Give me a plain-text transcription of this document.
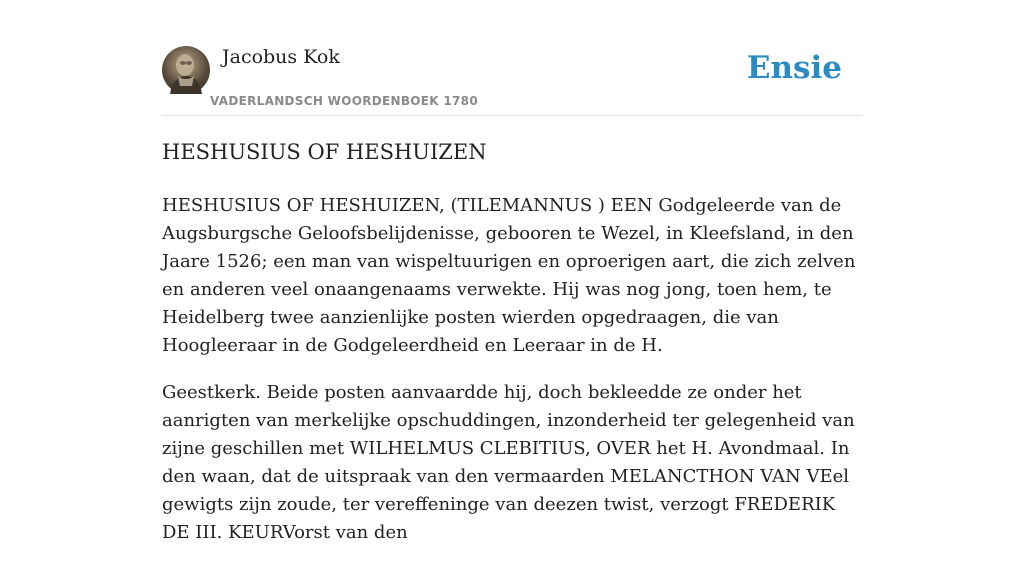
Jacobus Kok
VADERLANDSCH WOORDENBOEK 1780
Ensie
HESHUSIUS OF HESHUIZEN

HESHUSIUS OF HESHUIZEN, (TILEMANNUS ) EEN Godgeleerde van de Augsburgsche Geloofsbelijdenisse, gebooren te Wezel, in Kleefsland, in den Jaare 1526; een man van wispeltuurigen en oproerigen aart, die zich zelven en anderen veel onaangenaams verwekte. Hij was nog jong, toen hem, te Heidelberg twee aanzienlijke posten wierden opgedraagen, die van Hoogleeraar in de Godgeleerdheid en Leeraar in de H.

Geestkerk. Beide posten aanvaardde hij, doch bekleedde ze onder het aanrigten van merkelijke opschuddingen, inzonderheid ter gelegenheid van zijne geschillen met WILHELMUS CLEBITIUS, OVER het H. Avondmaal. In den waan, dat de uitspraak van den vermaarden MELANCTHON VAN VEel gewigts zijn zoude, ter vereffeninge van deezen twist, verzogt FREDERIK DE III. KEURVorst van den
